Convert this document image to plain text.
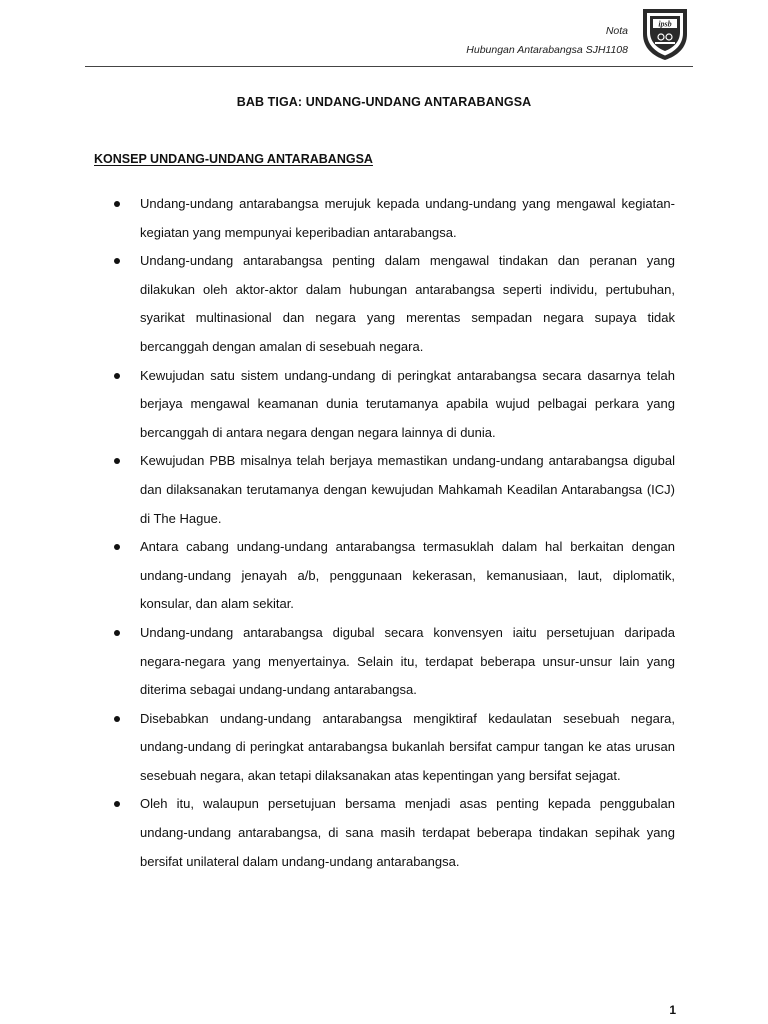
Nota
Hubungan Antarabangsa SJH1108
ipsb
BAB TIGA: UNDANG-UNDANG ANTARABANGSA
KONSEP UNDANG-UNDANG ANTARABANGSA
Undang-undang antarabangsa merujuk kepada undang-undang yang mengawal kegiatan-kegiatan yang mempunyai keperibadian antarabangsa.
Undang-undang antarabangsa penting dalam mengawal tindakan dan peranan yang dilakukan oleh aktor-aktor dalam hubungan antarabangsa seperti individu, pertubuhan, syarikat multinasional dan negara yang merentas sempadan negara supaya tidak bercanggah dengan amalan di sesebuah negara.
Kewujudan satu sistem undang-undang di peringkat antarabangsa secara dasarnya telah berjaya mengawal keamanan dunia terutamanya apabila wujud pelbagai perkara yang bercanggah di antara negara dengan negara lainnya di dunia.
Kewujudan PBB misalnya telah berjaya memastikan undang-undang antarabangsa digubal dan dilaksanakan terutamanya dengan kewujudan Mahkamah Keadilan Antarabangsa (ICJ) di The Hague.
Antara cabang undang-undang antarabangsa termasuklah dalam hal berkaitan dengan undang-undang jenayah a/b, penggunaan kekerasan, kemanusiaan, laut, diplomatik, konsular, dan alam sekitar.
Undang-undang antarabangsa digubal secara konvensyen iaitu persetujuan daripada negara-negara yang menyertainya. Selain itu, terdapat beberapa unsur-unsur lain yang diterima sebagai undang-undang antarabangsa.
Disebabkan undang-undang antarabangsa mengiktiraf kedaulatan sesebuah negara, undang-undang di peringkat antarabangsa bukanlah bersifat campur tangan ke atas urusan sesebuah negara, akan tetapi dilaksanakan atas kepentingan yang bersifat sejagat.
Oleh itu, walaupun persetujuan bersama menjadi asas penting kepada penggubalan undang-undang antarabangsa, di sana masih terdapat beberapa tindakan sepihak yang bersifat unilateral dalam undang-undang antarabangsa.
1
